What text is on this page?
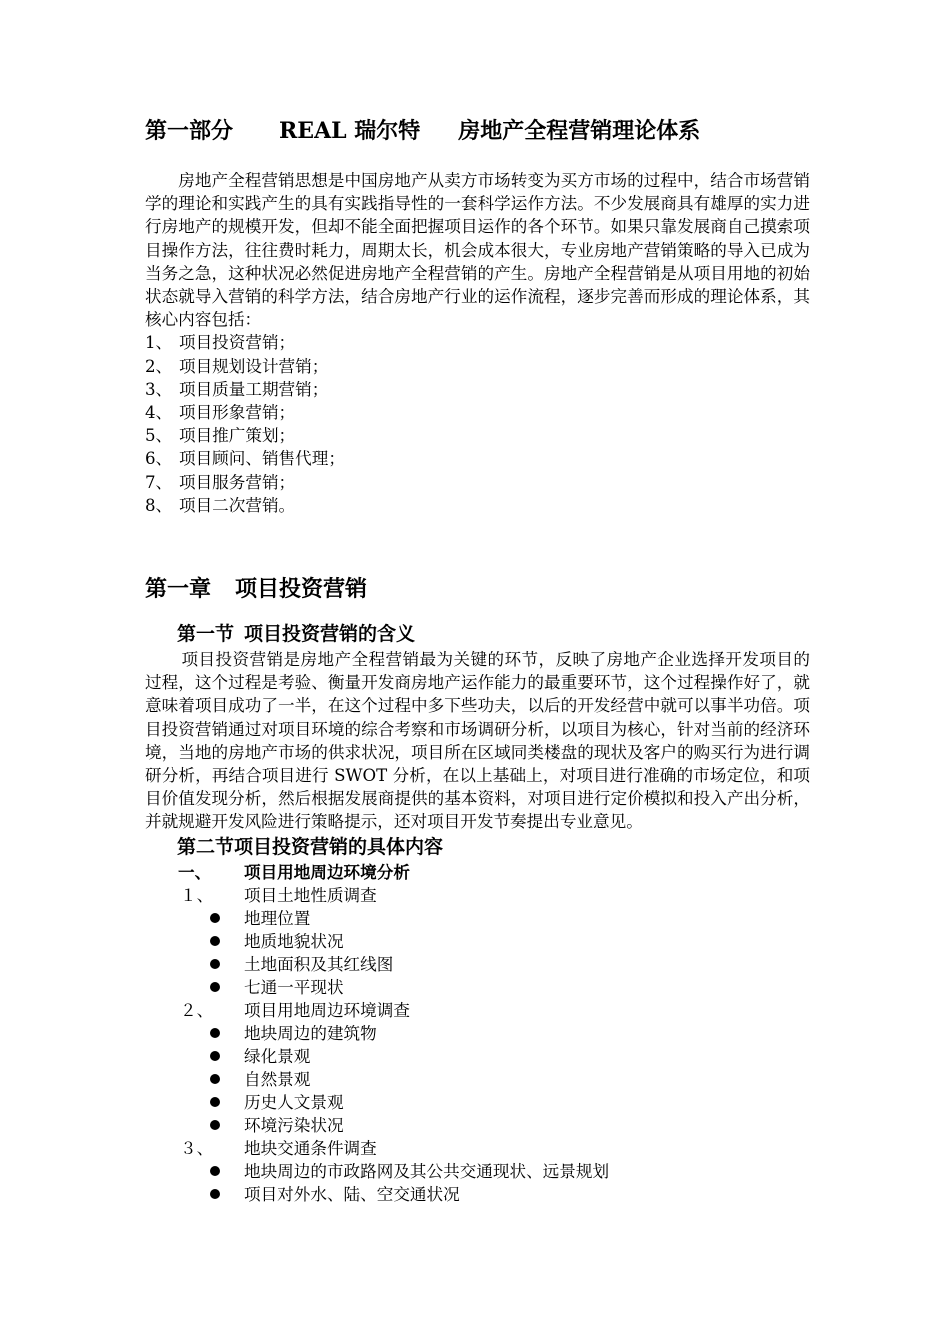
第一部分 REAL 瑞尔特 房地产全程营销理论体系

房地产全程营销思想是中国房地产从卖方市场转变为买方市场的过程中，结合市场营销学的理论和实践产生的具有实践指导性的一套科学运作方法。不少发展商具有雄厚的实力进行房地产的规模开发，但却不能全面把握项目运作的各个环节。如果只靠发展商自己摸索项目操作方法，往往费时耗力，周期太长，机会成本很大，专业房地产营销策略的导入已成为当务之急，这种状况必然促进房地产全程营销的产生。房地产全程营销是从项目用地的初始状态就导入营销的科学方法，结合房地产行业的运作流程，逐步完善而形成的理论体系，其核心内容包括：

1、 项目投资营销；
2、 项目规划设计营销；
3、 项目质量工期营销；
4、 项目形象营销；
5、 项目推广策划；
6、 项目顾问、销售代理；
7、 项目服务营销；
8、 项目二次营销。
第一章 项目投资营销
第一节 项目投资营销的含义

项目投资营销是房地产全程营销最为关键的环节，反映了房地产企业选择开发项目的过程，这个过程是考验、衡量开发商房地产运作能力的最重要环节，这个过程操作好了，就意味着项目成功了一半，在这个过程中多下些功夫，以后的开发经营中就可以事半功倍。项目投资营销通过对项目环境的综合考察和市场调研分析，以项目为核心，针对当前的经济环境，当地的房地产市场的供求状况，项目所在区域同类楼盘的现状及客户的购买行为进行调研分析，再结合项目进行 SWOT 分析，在以上基础上，对项目进行准确的市场定位，和项目价值发现分析，然后根据发展商提供的基本资料，对项目进行定价模拟和投入产出分析，并就规避开发风险进行策略提示，还对项目开发节奏提出专业意见。

第二节项目投资营销的具体内容
一、 项目用地周边环境分析
１、 项目土地性质调查
地理位置
地质地貌状况
土地面积及其红线图
七通一平现状
２、 项目用地周边环境调查
地块周边的建筑物
绿化景观
自然景观
历史人文景观
环境污染状况
３、 地块交通条件调查
地块周边的市政路网及其公共交通现状、远景规划
项目对外水、陆、空交通状况
